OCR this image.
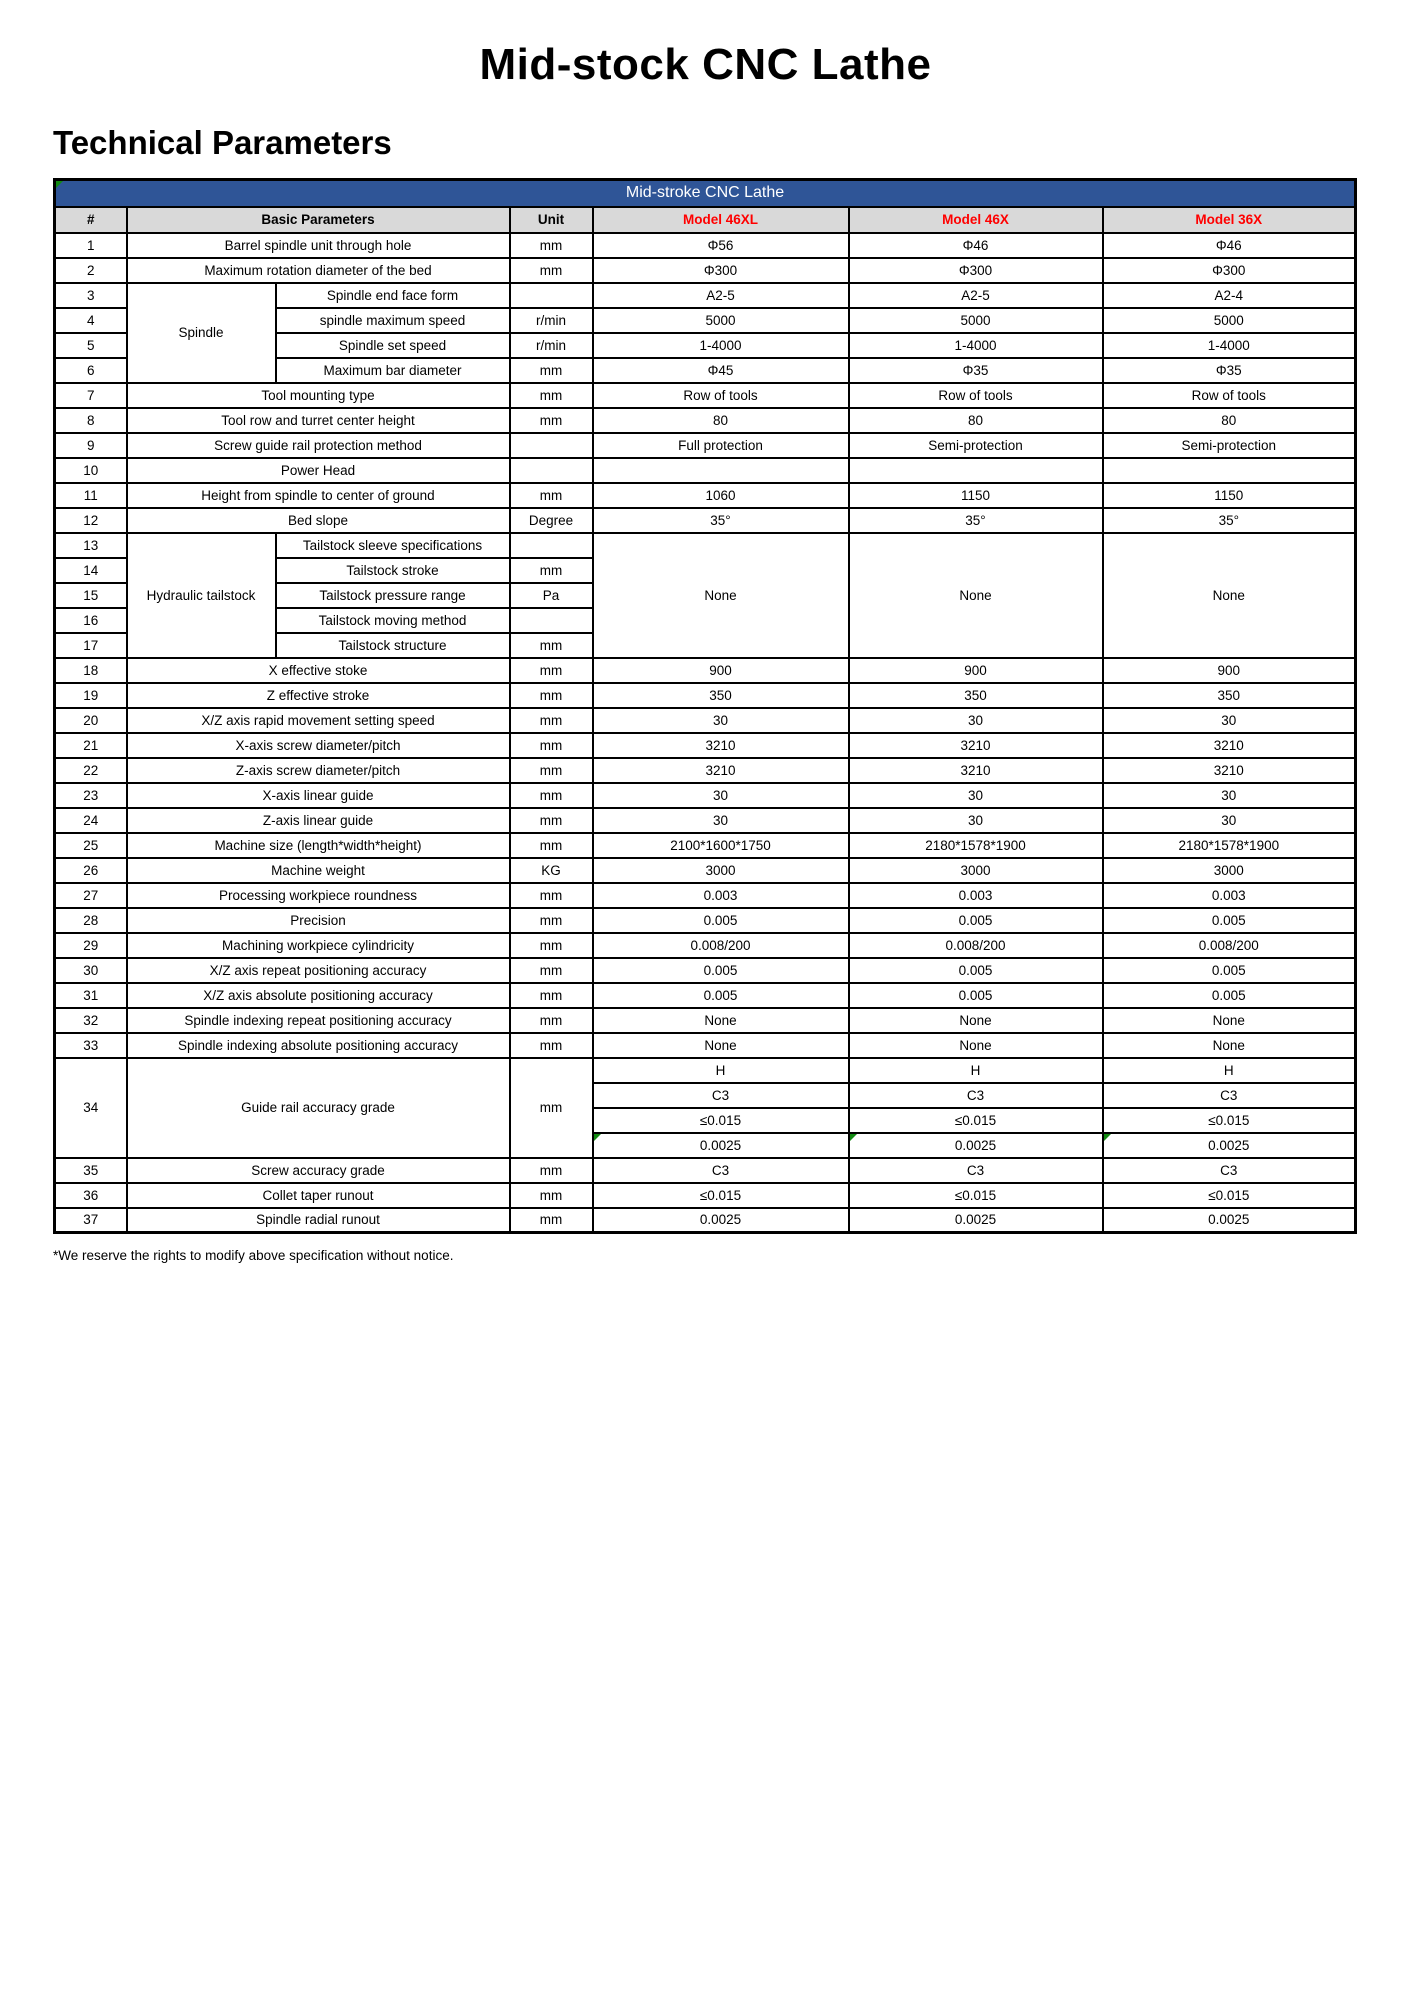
Mid-stock CNC Lathe
Technical Parameters
Mid-stroke CNC Lathe						
#	Basic Parameters		Unit	Model 46XL	Model 46X	Model 36X
1	Barrel spindle unit through hole		mm	Φ56	Φ46	Φ46
2	Maximum rotation diameter of the bed		mm	Φ300	Φ300	Φ300
3	Spindle	Spindle end face form		A2-5	A2-5	A2-4
4		spindle maximum speed	r/min	5000	5000	5000
5		Spindle set speed	r/min	1-4000	1-4000	1-4000
6		Maximum bar diameter	mm	Φ45	Φ35	Φ35
7	Tool mounting type		mm	Row of tools	Row of tools	Row of tools
8	Tool row and turret center height		mm	80	80	80
9	Screw guide rail protection method			Full protection	Semi-protection	Semi-protection
10	Power Head					
11	Height from spindle to center of ground		mm	1060	1150	1150
12	Bed slope		Degree	35°	35°	35°
13	Hydraulic tailstock	Tailstock sleeve specifications		None	None	None
14		Tailstock stroke	mm			
15		Tailstock pressure range	Pa			
16		Tailstock moving method				
17		Tailstock structure	mm			
18	X effective stoke		mm	900	900	900
19	Z effective stroke		mm	350	350	350
20	X/Z axis rapid movement setting speed		mm	30	30	30
21	X-axis screw diameter/pitch		mm	3210	3210	3210
22	Z-axis screw diameter/pitch		mm	3210	3210	3210
23	X-axis linear guide		mm	30	30	30
24	Z-axis linear guide		mm	30	30	30
25	Machine size (length*width*height)		mm	2100*1600*1750	2180*1578*1900	2180*1578*1900
26	Machine weight		KG	3000	3000	3000
27	Processing workpiece roundness		mm	0.003	0.003	0.003
28	Precision		mm	0.005	0.005	0.005
29	Machining workpiece cylindricity		mm	0.008/200	0.008/200	0.008/200
30	X/Z axis repeat positioning accuracy		mm	0.005	0.005	0.005
31	X/Z axis absolute positioning accuracy		mm	0.005	0.005	0.005
32	Spindle indexing repeat positioning accuracy		mm	None	None	None
33	Spindle indexing absolute positioning accuracy		mm	None	None	None
34	Guide rail accuracy grade		mm	H	H	H
				C3	C3	C3
				≤0.015	≤0.015	≤0.015
				0.0025	0.0025	0.0025
35	Screw accuracy grade		mm	C3	C3	C3
36	Collet taper runout		mm	≤0.015	≤0.015	≤0.015
37	Spindle radial runout		mm	0.0025	0.0025	0.0025

*We reserve the rights to modify above specification without notice.
